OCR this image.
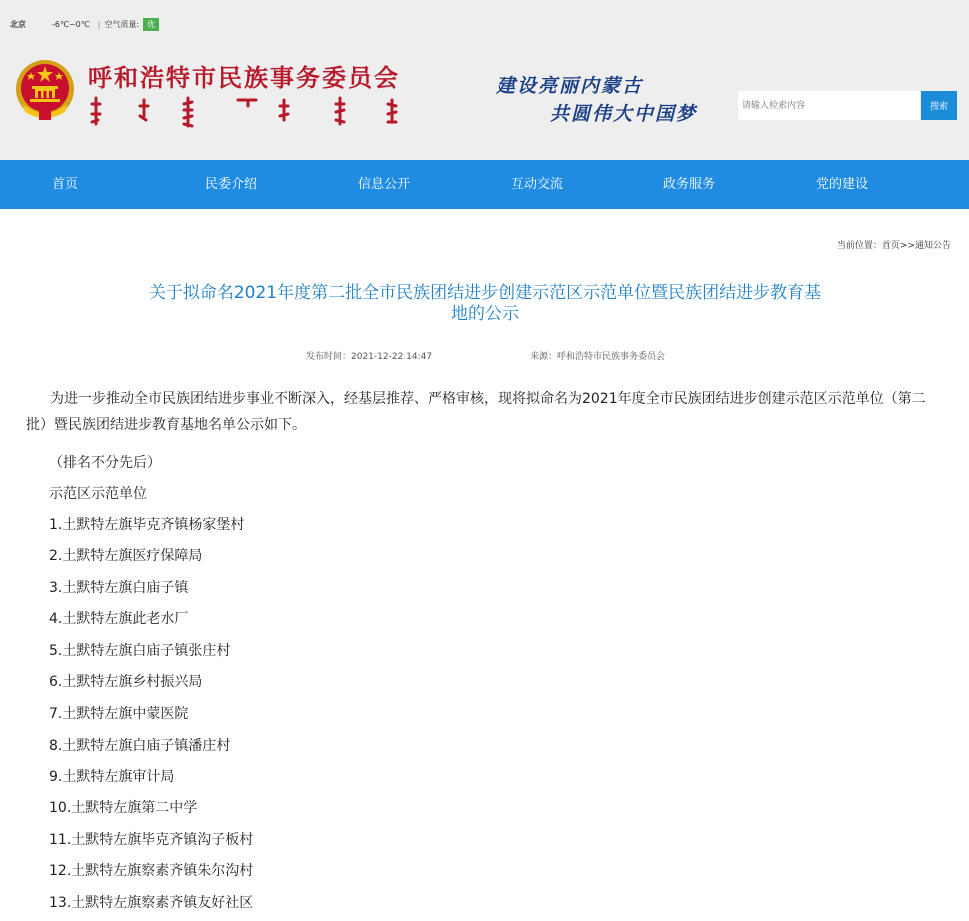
北京	-6℃~0℃ | 空气质量:	优
呼和浩特市民族事务委员会	建设亮丽内蒙古
共圆伟大中国梦
请输入检索内容	搜索
首页	民委介绍	信息公开	互动交流	政务服务	党的建设
当前位置：首页>>通知公告
关于拟命名2021年度第二批全市民族团结进步创建示范区示范单位暨民族团结进步教育基
地的公示
发布时间：2021-12-22 14:47	来源：呼和浩特市民族事务委员会
为进一步推动全市民族团结进步事业不断深入，经基层推荐、严格审核，现将拟命名为2021年度全市民族团结进步创建示范区示范单位（第二批）暨民族团结进步教育基地名单公示如下。
（排名不分先后）
示范区示范单位
1.土默特左旗毕克齐镇杨家堡村
2.土默特左旗医疗保障局
3.土默特左旗白庙子镇
4.土默特左旗此老水厂
5.土默特左旗白庙子镇张庄村
6.土默特左旗乡村振兴局
7.土默特左旗中蒙医院
8.土默特左旗白庙子镇潘庄村
9.土默特左旗审计局
10.土默特左旗第二中学
11.土默特左旗毕克齐镇沟子板村
12.土默特左旗察素齐镇朱尔沟村
13.土默特左旗察素齐镇友好社区
